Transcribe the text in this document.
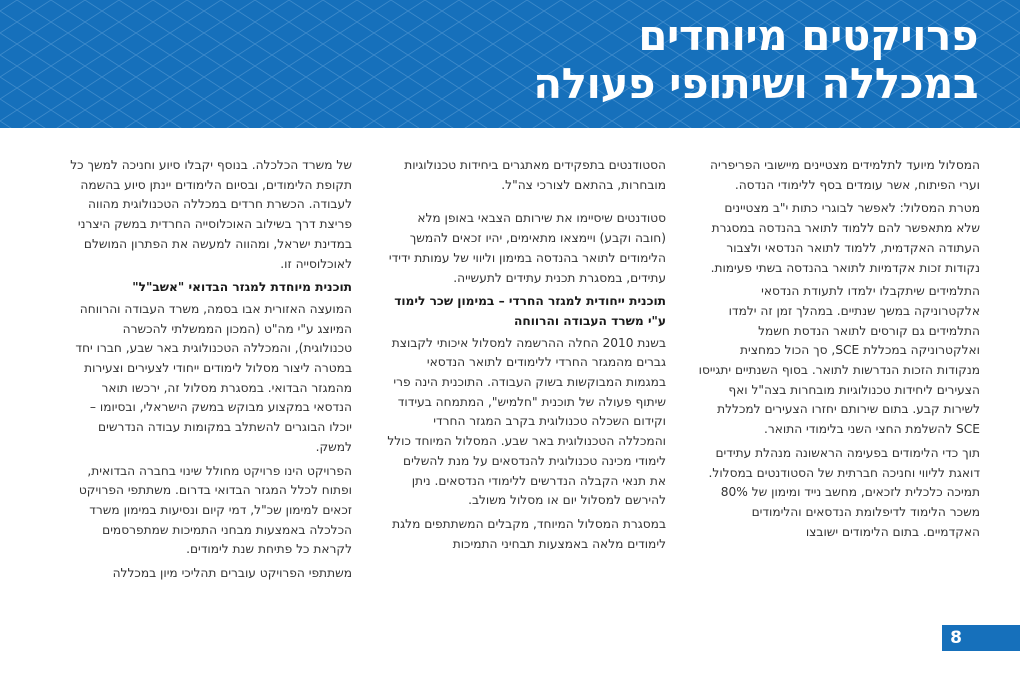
פרויקטים מיוחדים
במכללה ושיתופי פעולה

המסלול מיועד לתלמידים מצטיינים מיישובי הפריפריה וערי הפיתוח, אשר עומדים בסף ללימודי הנדסה.

מטרת המסלול: לאפשר לבוגרי כתות י"ב מצטיינים שלא מתאפשר להם ללמוד לתואר בהנדסה במסגרת העתודה האקדמית, ללמוד לתואר הנדסאי ולצבור נקודות זכות אקדמיות לתואר בהנדסה בשתי פעימות.

התלמידים שיתקבלו ילמדו לתעודת הנדסאי אלקטרוניקה במשך שנתיים. במהלך זמן זה ילמדו התלמידים גם קורסים לתואר הנדסת חשמל ואלקטרוניקה במכללת SCE, סך הכול כמחצית מנקודות הזכות הנדרשות לתואר. בסוף השנתיים יתגייסו הצעירים ליחידות טכנולוגיות מובחרות בצה"ל ואף לשירות קבע. בתום שירותם יחזרו הצעירים למכללת SCE להשלמת החצי השני בלימודי התואר.

תוך כדי הלימודים בפעימה הראשונה מנהלת עתידים דואגת לליווי וחניכה חברתית של הסטודנטים במסלול. תמיכה כלכלית לזכאים, מחשב נייד ומימון של 80% משכר הלימוד לדיפלומת הנדסאים והלימודים האקדמיים. בתום הלימודים ישובצו

הסטודנטים בתפקידים מאתגרים ביחידות טכנולוגיות מובחרות, בהתאם לצורכי צה"ל.

סטודנטים שיסיימו את שירותם הצבאי באופן מלא (חובה וקבע) ויימצאו מתאימים, יהיו זכאים להמשך הלימודים לתואר בהנדסה במימון וליווי של עמותת ידידי עתידים, במסגרת תכנית עתידים לתעשייה.

תוכנית ייחודית למגזר החרדי – במימון שכר לימוד ע"י משרד העבודה והרווחה

בשנת 2010 החלה ההרשמה למסלול איכותי לקבוצת גברים מהמגזר החרדי ללימודים לתואר הנדסאי במגמות המבוקשות בשוק העבודה. התוכנית הינה פרי שיתוף פעולה של תוכנית "חלמיש", המתמחה בעידוד וקידום השכלה טכנולוגית בקרב המגזר החרדי והמכללה הטכנולוגית באר שבע. המסלול המיוחד כולל לימודי מכינה טכנולוגית להנדסאים על מנת להשלים את תנאי הקבלה הנדרשים ללימודי הנדסאים. ניתן להירשם למסלול יום או מסלול משולב.

במסגרת המסלול המיוחד, מקבלים המשתתפים מלגת לימודים מלאה באמצעות תבחיני התמיכות

של משרד הכלכלה. בנוסף יקבלו סיוע וחניכה למשך כל תקופת הלימודים, ובסיום הלימודים יינתן סיוע בהשמה לעבודה. הכשרת חרדים במכללה הטכנולוגית מהווה פריצת דרך בשילוב האוכלוסייה החרדית במשק היצרני במדינת ישראל, ומהווה למעשה את הפתרון המושלם לאוכלוסייה זו.

תוכנית מיוחדת למגזר הבדואי "אשב"ל"

המועצה האזורית אבו בסמה, משרד העבודה והרווחה המיוצג ע"י מה"ט (המכון הממשלתי להכשרה טכנולוגית), והמכללה הטכנולוגית באר שבע, חברו יחד במטרה ליצור מסלול לימודים ייחודי לצעירים וצעירות מהמגזר הבדואי. במסגרת מסלול זה, ירכשו תואר הנדסאי במקצוע מבוקש במשק הישראלי, ובסיומו – יוכלו הבוגרים להשתלב במקומות עבודה הנדרשים למשק.

הפרויקט הינו פרויקט מחולל שינוי בחברה הבדואית, ופתוח לכלל המגזר הבדואי בדרום. משתתפי הפרויקט זכאים למימון שכ"ל, דמי קיום ונסיעות במימון משרד הכלכלה באמצעות מבחני התמיכות שמתפרסמים לקראת כל פתיחת שנת לימודים.

משתתפי הפרויקט עוברים תהליכי מיון במכללה

8
